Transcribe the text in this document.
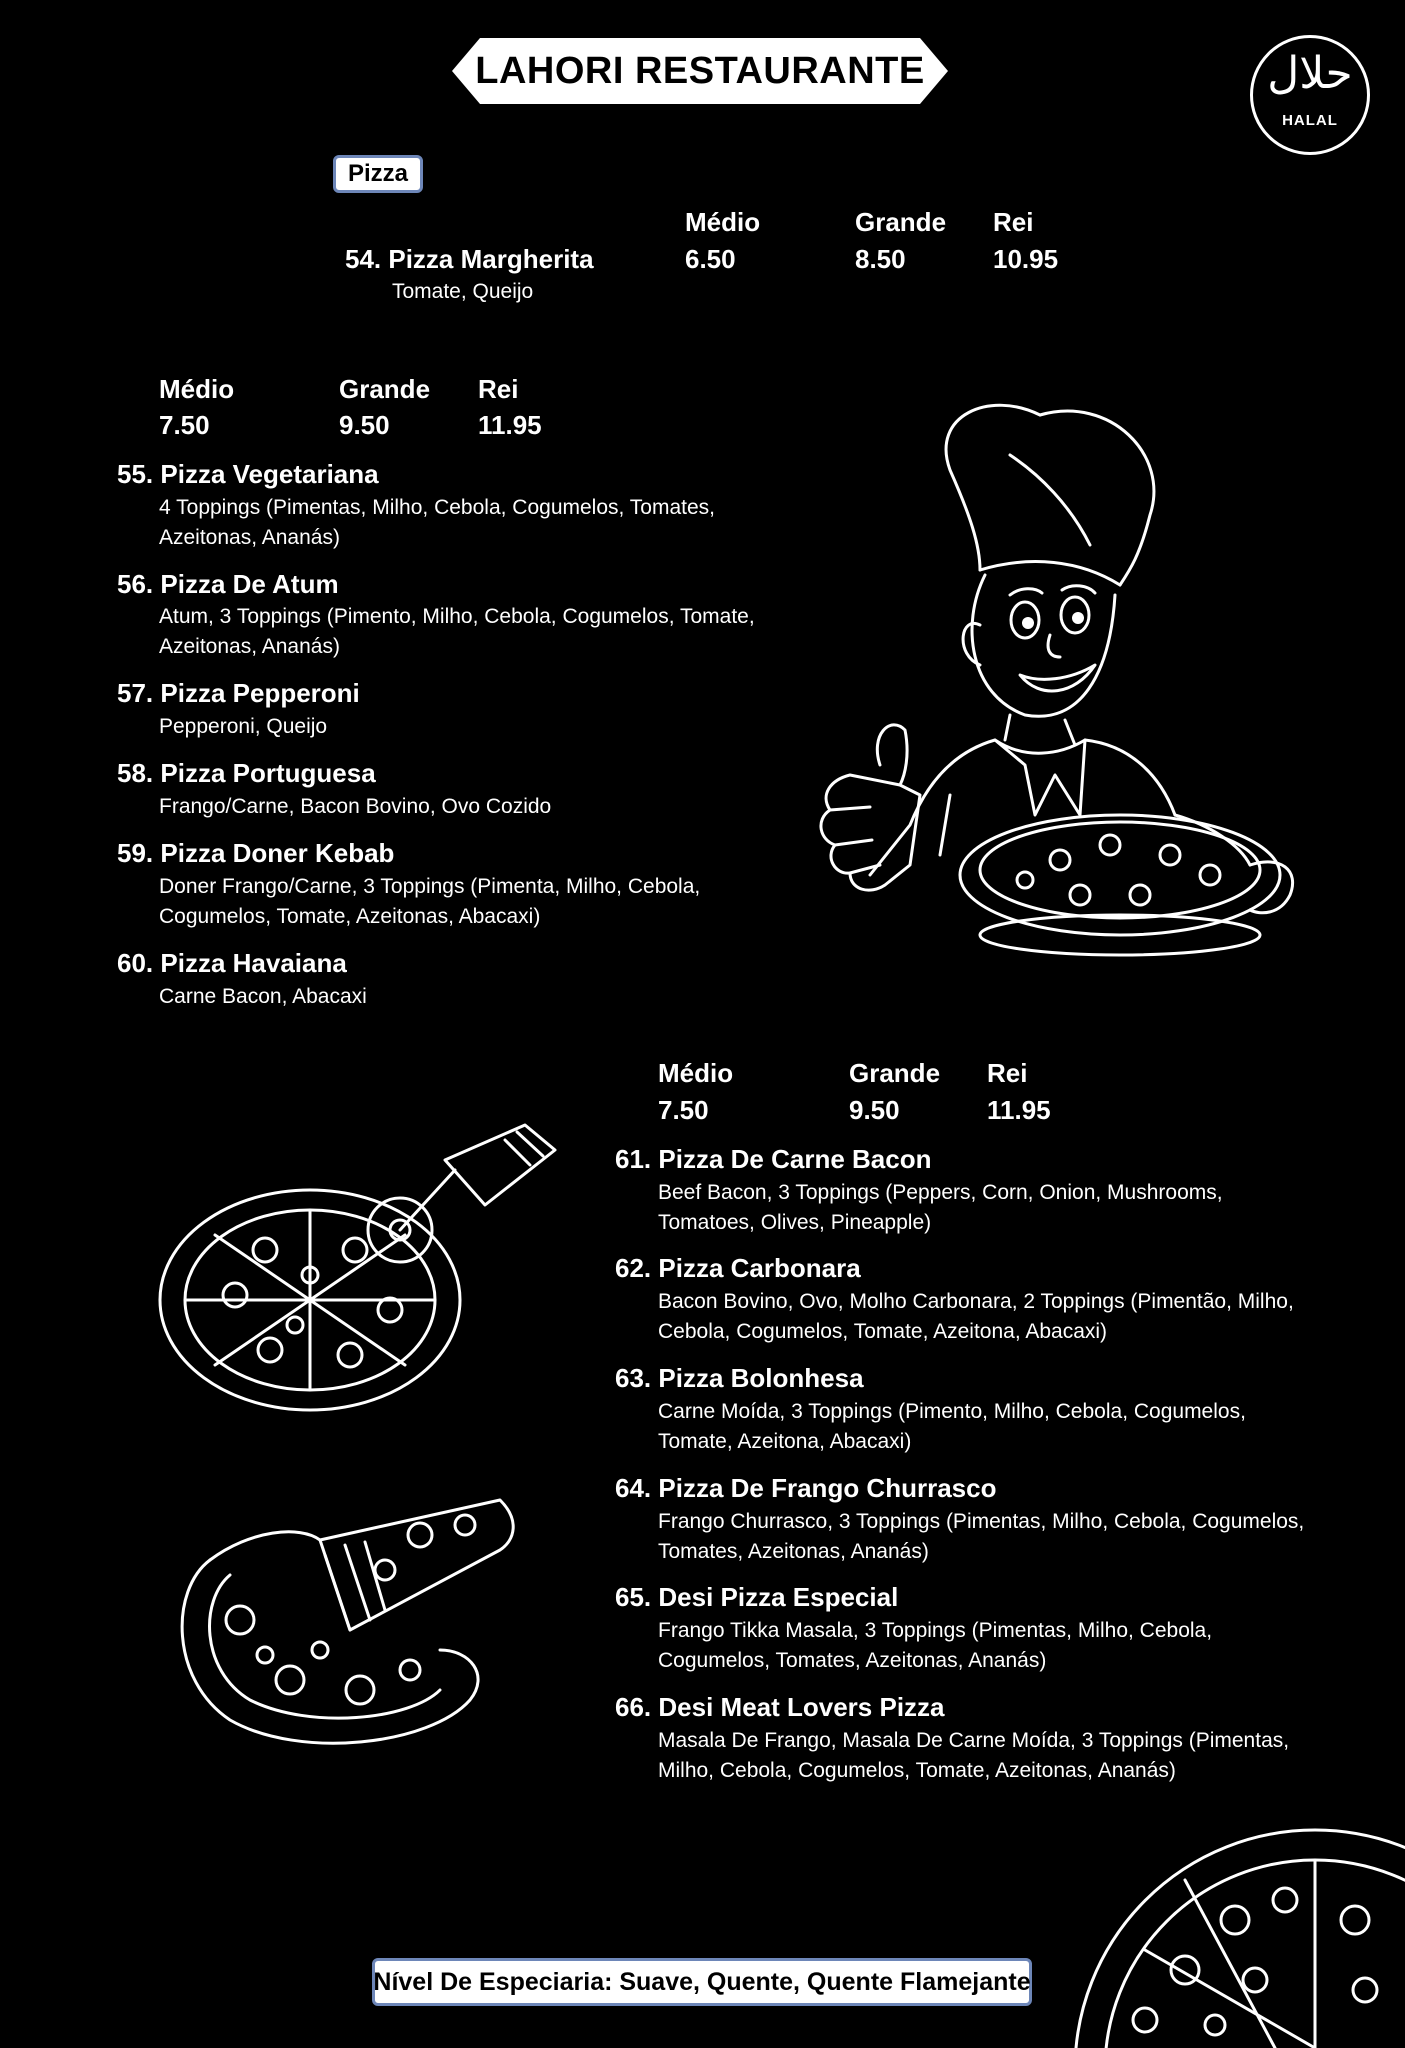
LAHORI RESTAURANTE	حلال
HALAL
Pizza
Médio	Grande Rei
6.50	8.50	10.95
54. Pizza Margherita
Tomate, Queijo
Médio	Grande Rei
7.50	9.50	11.95
55. Pizza Vegetariana
4 Toppings (Pimentas, Milho, Cebola, Cogumelos, Tomates,
Azeitonas, Ananás)
56. Pizza De Atum
Atum, 3 Toppings (Pimento, Milho, Cebola, Cogumelos, Tomate,
Azeitonas, Ananás)
57. Pizza Pepperoni
Pepperoni, Queijo
58. Pizza Portuguesa
Frango/Carne, Bacon Bovino, Ovo Cozido
59. Pizza Doner Kebab
Doner Frango/Carne, 3 Toppings (Pimenta, Milho, Cebola,
Cogumelos, Tomate, Azeitonas, Abacaxi)
60. Pizza Havaiana
Carne Bacon, Abacaxi
Médio	Grande Rei
7.50	9.50	11.95
61. Pizza De Carne Bacon
Beef Bacon, 3 Toppings (Peppers, Corn, Onion, Mushrooms,
Tomatoes, Olives, Pineapple)
62. Pizza Carbonara
Bacon Bovino, Ovo, Molho Carbonara, 2 Toppings (Pimentão, Milho,
Cebola, Cogumelos, Tomate, Azeitona, Abacaxi)
63. Pizza Bolonhesa
Carne Moída, 3 Toppings (Pimento, Milho, Cebola, Cogumelos,
Tomate, Azeitona, Abacaxi)
64. Pizza De Frango Churrasco
Frango Churrasco, 3 Toppings (Pimentas, Milho, Cebola, Cogumelos,
Tomates, Azeitonas, Ananás)
65. Desi Pizza Especial
Frango Tikka Masala, 3 Toppings (Pimentas, Milho, Cebola,
Cogumelos, Tomates, Azeitonas, Ananás)
66. Desi Meat Lovers Pizza
Masala De Frango, Masala De Carne Moída, 3 Toppings (Pimentas,
Milho, Cebola, Cogumelos, Tomate, Azeitonas, Ananás)
Nível De Especiaria: Suave, Quente, Quente Flamejante
